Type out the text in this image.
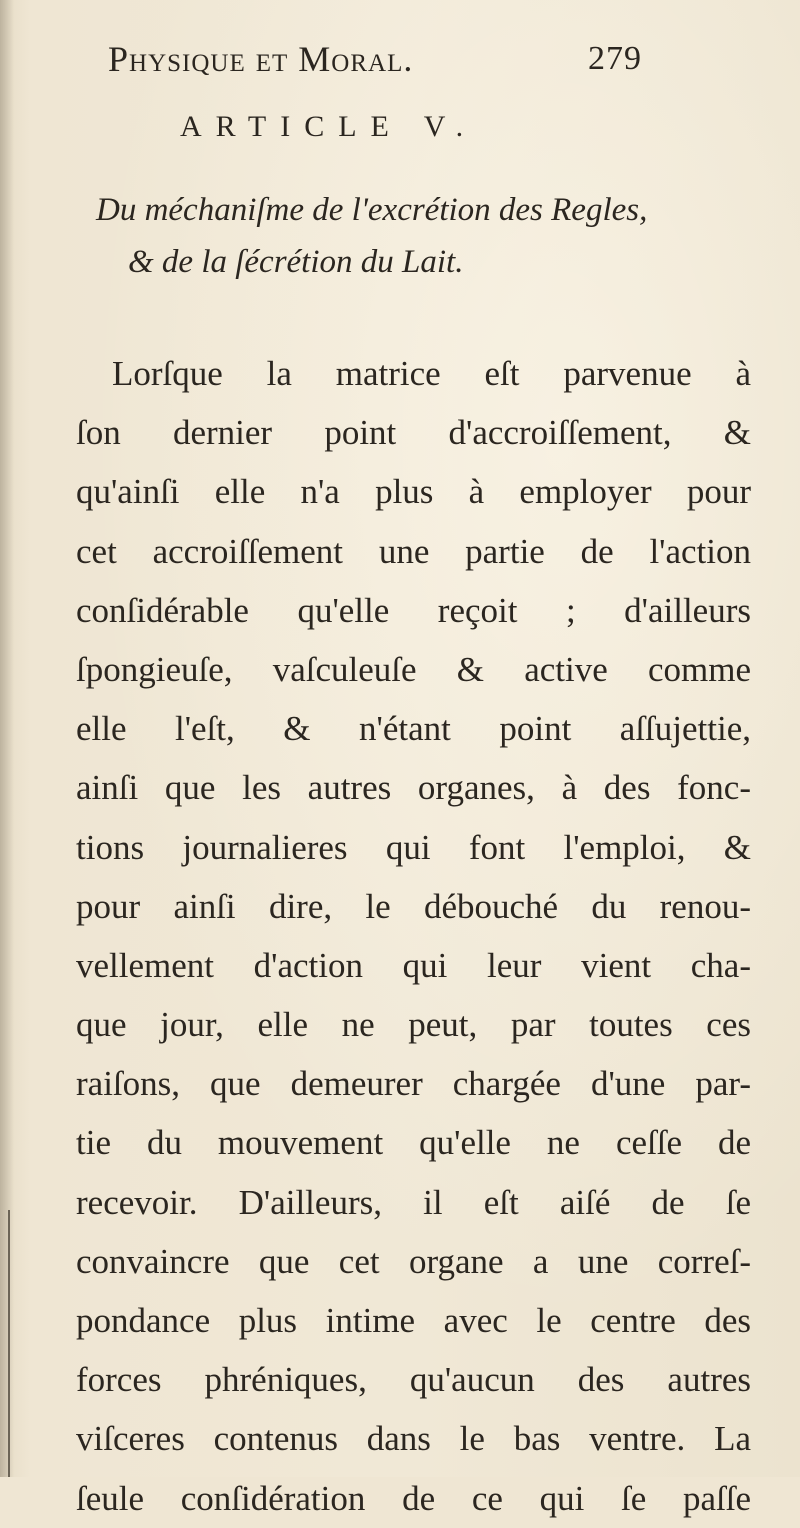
Physique et Moral.	279
ARTICLE V.
Du méchaniſme de l'excrétion des Regles,
& de la ſécrétion du Lait.
Lorſque la matrice eſt parvenue à
ſon dernier point d'accroiſſement, &
qu'ainſi elle n'a plus à employer pour
cet accroiſſement une partie de l'action
conſidérable qu'elle reçoit ; d'ailleurs
ſpongieuſe, vaſculeuſe & active comme
elle l'eſt, & n'étant point aſſujettie,
ainſi que les autres organes, à des fonc-
tions journalieres qui font l'emploi, &
pour ainſi dire, le débouché du renou-
vellement d'action qui leur vient cha-
que jour, elle ne peut, par toutes ces
raiſons, que demeurer chargée d'une par-
tie du mouvement qu'elle ne ceſſe de
recevoir. D'ailleurs, il eſt aiſé de ſe
convaincre que cet organe a une correſ-
pondance plus intime avec le centre des
forces phréniques, qu'aucun des autres
viſceres contenus dans le bas ventre. La
ſeule conſidération de ce qui ſe paſſe
